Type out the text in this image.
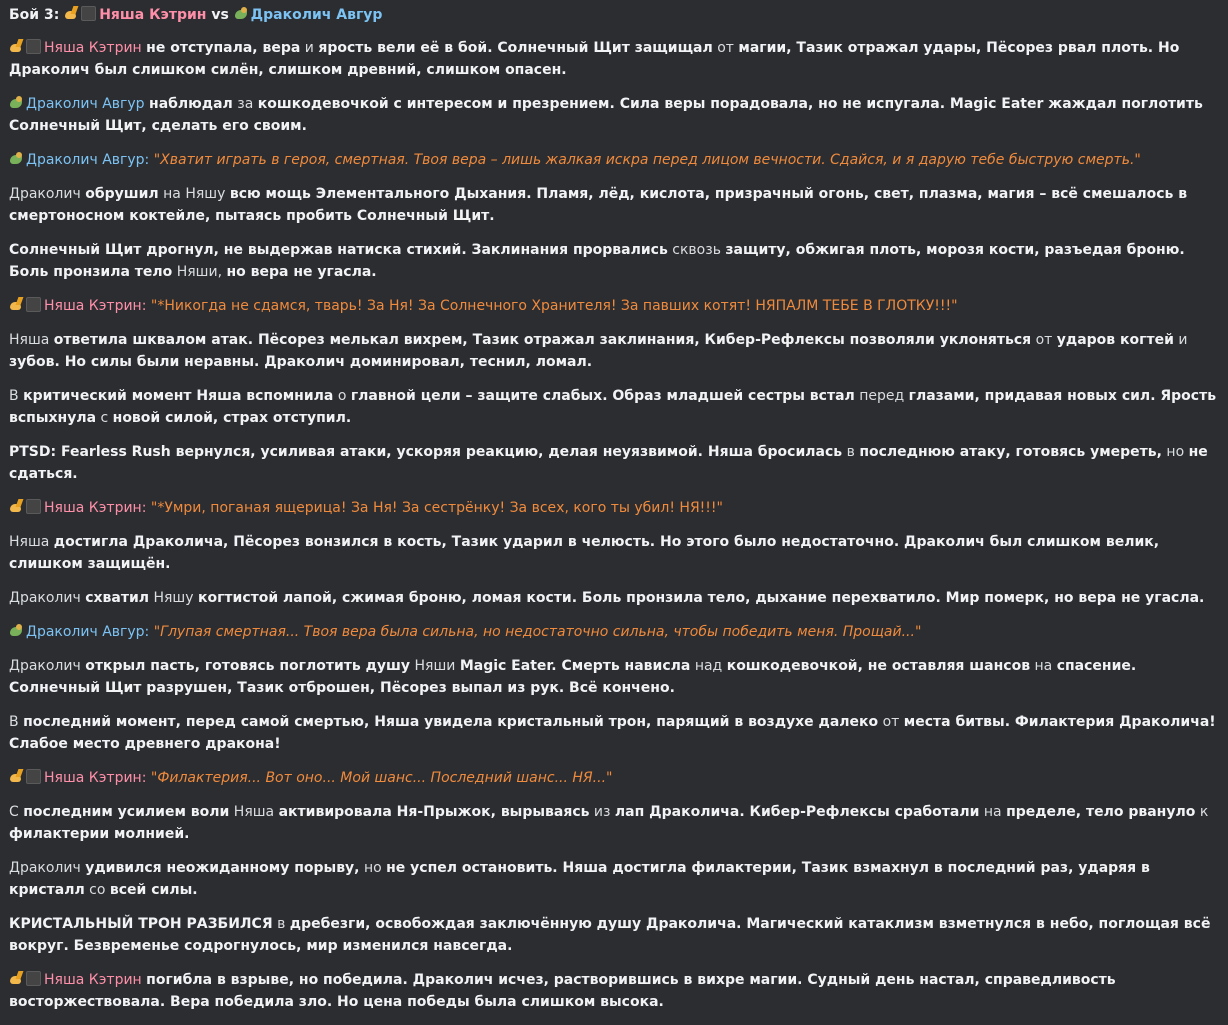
Бой 3:	Няша Кэтрин vs Драколич Авгур

Няша Кэтрин не отступала, вера и ярость вели её в бой. Солнечный Щит защищал от магии, Тазик отражал удары, Пёсорез рвал плоть. Но Драколич был слишком силён, слишком древний, слишком опасен.

Драколич Авгур наблюдал за кошкодевочкой с интересом и презрением. Сила веры порадовала, но не испугала. Magic Eater жаждал поглотить Солнечный Щит, сделать его своим.

Драколич Авгур: "Хватит играть в героя, смертная. Твоя вера – лишь жалкая искра перед лицом вечности. Сдайся, и я дарую тебе быструю смерть."

Драколич обрушил на Няшу всю мощь Элементального Дыхания. Пламя, лёд, кислота, призрачный огонь, свет, плазма, магия – всё смешалось в смертоносном коктейле, пытаясь пробить Солнечный Щит.

Солнечный Щит дрогнул, не выдержав натиска стихий. Заклинания прорвались сквозь защиту, обжигая плоть, морозя кости, разъедая броню. Боль пронзила тело Няши, но вера не угасла.

Няша Кэтрин: "*Никогда не сдамся, тварь! За Ня! За Солнечного Хранителя! За павших котят! НЯПАЛМ ТЕБЕ В ГЛОТКУ!!!"

Няша ответила шквалом атак. Пёсорез мелькал вихрем, Тазик отражал заклинания, Кибер-Рефлексы позволяли уклоняться от ударов когтей и зубов. Но силы были неравны. Драколич доминировал, теснил, ломал.

В критический момент Няша вспомнила о главной цели – защите слабых. Образ младшей сестры встал перед глазами, придавая новых сил. Ярость вспыхнула с новой силой, страх отступил.

PTSD: Fearless Rush вернулся, усиливая атаки, ускоряя реакцию, делая неуязвимой. Няша бросилась в последнюю атаку, готовясь умереть, но не сдаться.

Няша Кэтрин: "*Умри, поганая ящерица! За Ня! За сестрёнку! За всех, кого ты убил! НЯ!!!"

Няша достигла Драколича, Пёсорез вонзился в кость, Тазик ударил в челюсть. Но этого было недостаточно. Драколич был слишком велик, слишком защищён.

Драколич схватил Няшу когтистой лапой, сжимая броню, ломая кости. Боль пронзила тело, дыхание перехватило. Мир померк, но вера не угасла.

Драколич Авгур: "Глупая смертная... Твоя вера была сильна, но недостаточно сильна, чтобы победить меня. Прощай..."

Драколич открыл пасть, готовясь поглотить душу Няши Magic Eater. Смерть нависла над кошкодевочкой, не оставляя шансов на спасение. Солнечный Щит разрушен, Тазик отброшен, Пёсорез выпал из рук. Всё кончено.

В последний момент, перед самой смертью, Няша увидела кристальный трон, парящий в воздухе далеко от места битвы. Филактерия Драколича! Слабое место древнего дракона!

Няша Кэтрин: "Филактерия... Вот оно... Мой шанс... Последний шанс... НЯ..."

С последним усилием воли Няша активировала Ня-Прыжок, вырываясь из лап Драколича. Кибер-Рефлексы сработали на пределе, тело рвануло к филактерии молнией.

Драколич удивился неожиданному порыву, но не успел остановить. Няша достигла филактерии, Тазик взмахнул в последний раз, ударяя в кристалл со всей силы.

КРИСТАЛЬНЫЙ ТРОН РАЗБИЛСЯ в дребезги, освобождая заключённую душу Драколича. Магический катаклизм взметнулся в небо, поглощая всё вокруг. Безвременье содрогнулось, мир изменился навсегда.

Няша Кэтрин погибла в взрыве, но победила. Драколич исчез, растворившись в вихре магии. Судный день настал, справедливость восторжествовала. Вера победила зло. Но цена победы была слишком высока.
